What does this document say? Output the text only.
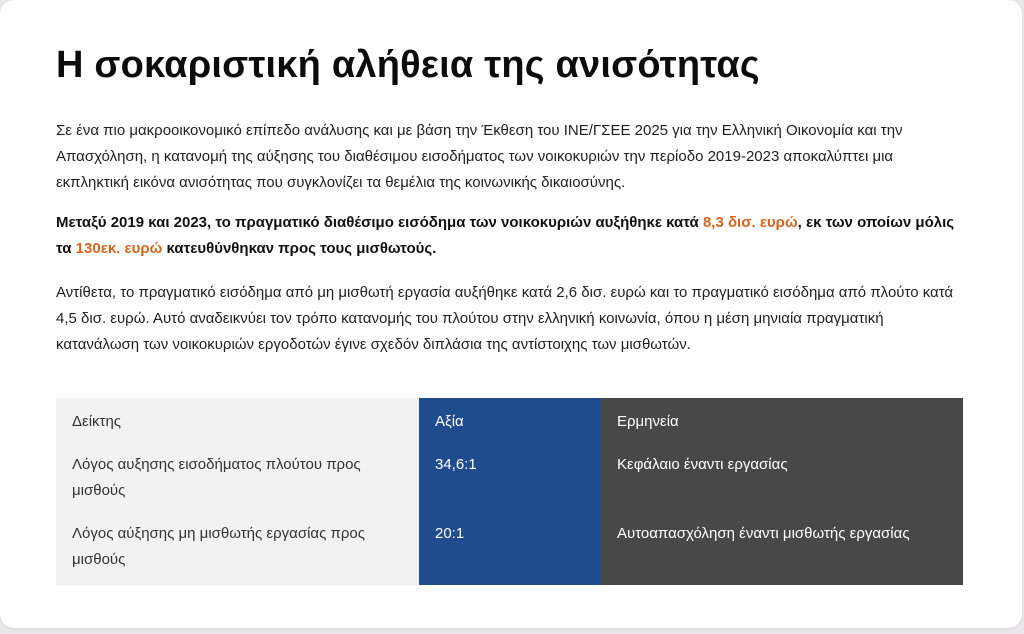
Η σοκαριστική αλήθεια της ανισότητας

Σε ένα πιο μακροοικονομικό επίπεδο ανάλυσης και με βάση την Έκθεση του ΙΝΕ/ΓΣΕΕ 2025 για την Ελληνική Οικονομία και την Απασχόληση, η κατανομή της αύξησης του διαθέσιμου εισοδήματος των νοικοκυριών την περίοδο 2019-2023 αποκαλύπτει μια εκπληκτική εικόνα ανισότητας που συγκλονίζει τα θεμέλια της κοινωνικής δικαιοσύνης.

Μεταξύ 2019 και 2023, το πραγματικό διαθέσιμο εισόδημα των νοικοκυριών αυξήθηκε κατά 8,3 δισ. ευρώ, εκ των οποίων μόλις τα 130εκ. ευρώ κατευθύνθηκαν προς τους μισθωτούς.

Αντίθετα, το πραγματικό εισόδημα από μη μισθωτή εργασία αυξήθηκε κατά 2,6 δισ. ευρώ και το πραγματικό εισόδημα από πλούτο κατά 4,5 δισ. ευρώ. Αυτό αναδεικνύει τον τρόπο κατανομής του πλούτου στην ελληνική κοινωνία, όπου η μέση μηνιαία πραγματική κατανάλωση των νοικοκυριών εργοδοτών έγινε σχεδόν διπλάσια της αντίστοιχης των μισθωτών.

Δείκτης	Αξία	Ερμηνεία
Λόγος αυξησης εισοδήματος πλούτου προς μισθούς	34,6:1	Κεφάλαιο έναντι εργασίας
Λόγος αύξησης μη μισθωτής εργασίας προς μισθούς	20:1	Αυτοαπασχόληση έναντι μισθωτής εργασίας
